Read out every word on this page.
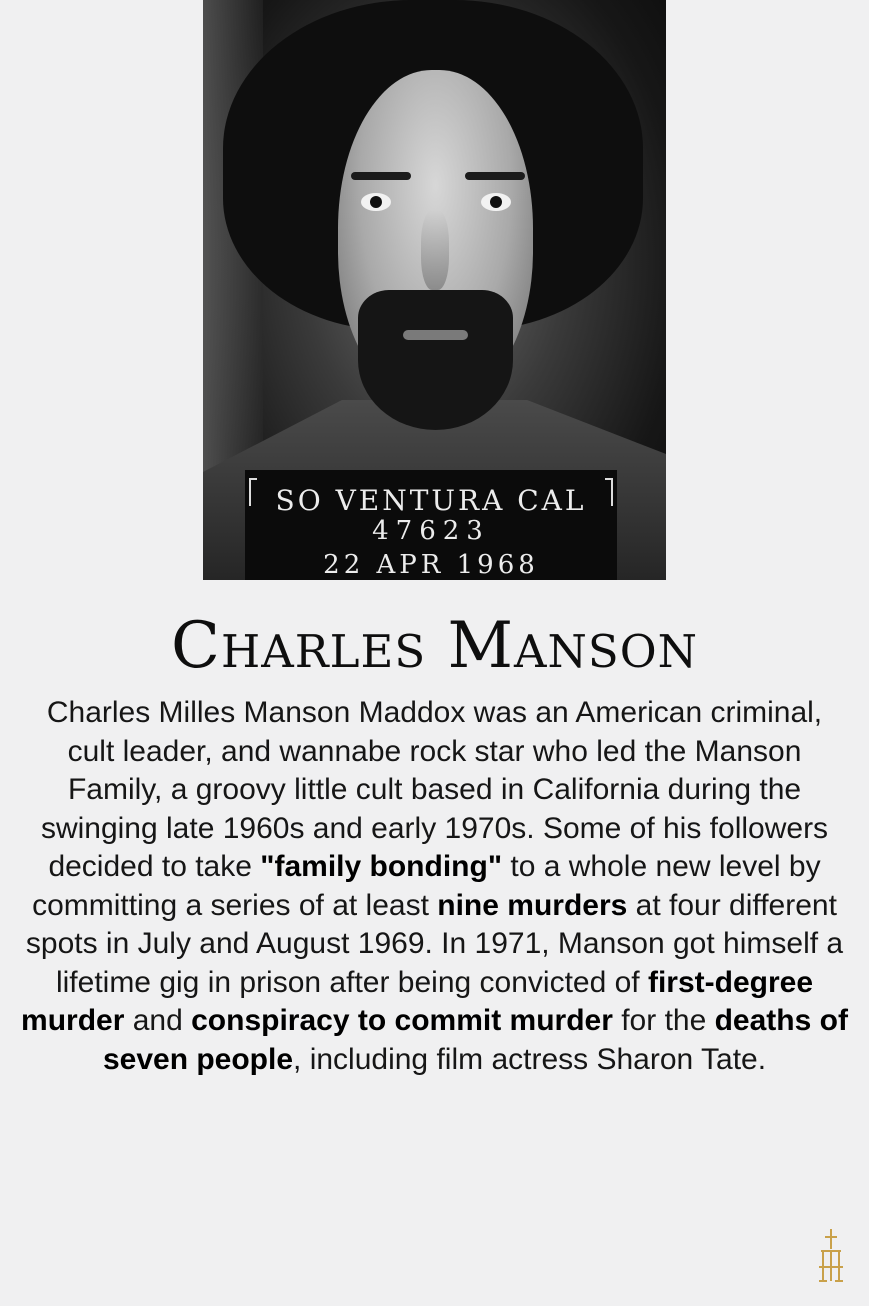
SO VENTURA CAL
47623
22 APR 1968
Charles Manson
Charles Milles Manson Maddox was an American criminal, cult leader, and wannabe rock star who led the Manson Family, a groovy little cult based in California during the swinging late 1960s and early 1970s. Some of his followers decided to take "family bonding" to a whole new level by committing a series of at least nine murders at four different spots in July and August 1969. In 1971, Manson got himself a lifetime gig in prison after being convicted of first-degree murder and conspiracy to commit murder for the deaths of seven people, including film actress Sharon Tate.
